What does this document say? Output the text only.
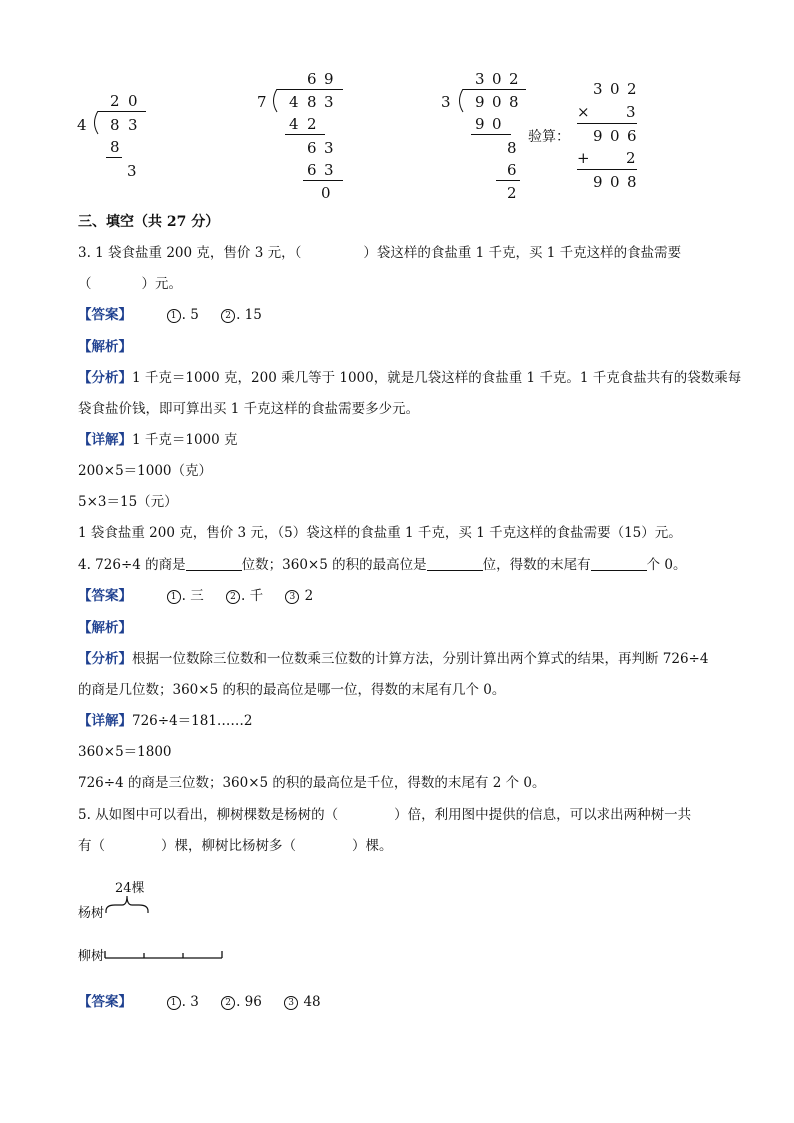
2 0
4 8 3
8
3
6 9
7 4 8 3
4 2
6 3
6 3
0
3 0 2
3 9 0 8
9 0
8
6
2
验算：
3 0 2
× 3
9 0 6
+ 2
9 0 8
三、填空（共 27 分）
3. 1 袋食盐重 200 克，售价 3 元，（	）袋这样的食盐重 1 千克，买 1 千克这样的食盐需要
（	）元。
【答案】	1 . 5	2 . 15
【解析】
【分析】1 千克＝1000 克，200 乘几等于 1000，就是几袋这样的食盐重 1 千克。1 千克食盐共有的袋数乘每
袋食盐价钱，即可算出买 1 千克这样的食盐需要多少元。
【详解】1 千克＝1000 克
200×5＝1000（克）
5×3＝15（元）
1 袋食盐重 200 克，售价 3 元，（5）袋这样的食盐重 1 千克，买 1 千克这样的食盐需要（15）元。
4. 726÷4 的商是	位数；360×5 的积的最高位是	位，得数的末尾有	个 0。
【答案】	1 . 三	2 . 千	3 2
【解析】
【分析】根据一位数除三位数和一位数乘三位数的计算方法，分别计算出两个算式的结果，再判断 726÷4
的商是几位数；360×5 的积的最高位是哪一位，得数的末尾有几个 0。
【详解】726÷4＝181……2
360×5＝1800
726÷4 的商是三位数；360×5 的积的最高位是千位，得数的末尾有 2 个 0。
5. 从如图中可以看出，柳树棵数是杨树的（	）倍，利用图中提供的信息，可以求出两种树一共
有（	）棵，柳树比杨树多（	）棵。
24棵
杨树
柳树
【答案】	1 . 3	2 . 96	3 48
